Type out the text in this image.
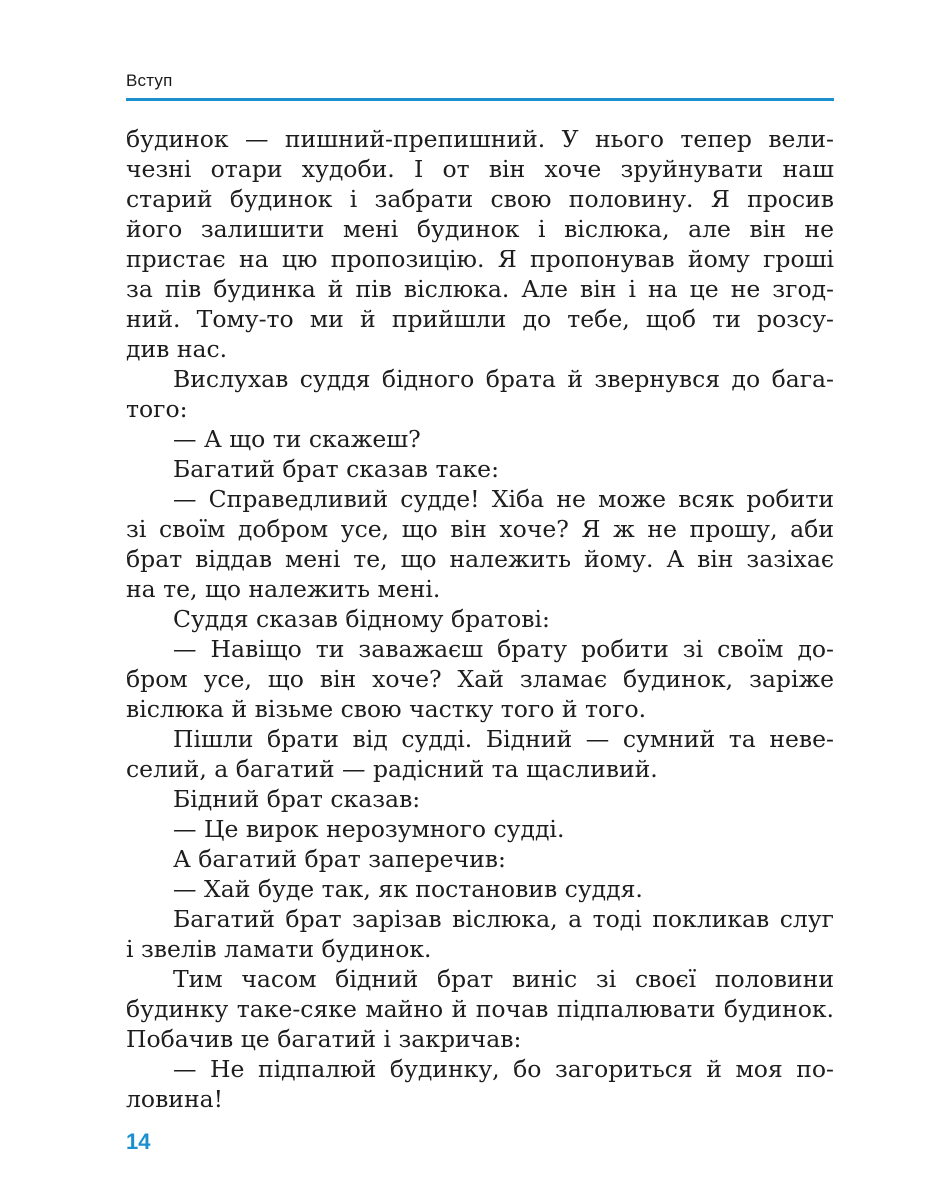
Вступ
будинок — пишний-препишний. У нього тепер вели-
чезні отари худоби. І от він хоче зруйнувати наш
старий будинок і забрати свою половину. Я просив
його залишити мені будинок і віслюка, але він не
пристає на цю пропозицію. Я пропонував йому гроші
за пів будинка й пів віслюка. Але він і на це не згод-
ний. Тому-то ми й прийшли до тебе, щоб ти розсу-
див нас.
Вислухав суддя бідного брата й звернувся до бага-
того:
— А що ти скажеш?
Багатий брат сказав таке:
— Справедливий судде! Хіба не може всяк робити
зі своїм добром усе, що він хоче? Я ж не прошу, аби
брат віддав мені те, що належить йому. А він зазіхає
на те, що належить мені.
Суддя сказав бідному братові:
— Навіщо ти заважаєш брату робити зі своїм до-
бром усе, що він хоче? Хай зламає будинок, заріже
віслюка й візьме свою частку того й того.
Пішли брати від судді. Бідний — сумний та неве-
селий, а багатий — радісний та щасливий.
Бідний брат сказав:
— Це вирок нерозумного судді.
А багатий брат заперечив:
— Хай буде так, як постановив суддя.
Багатий брат зарізав віслюка, а тоді покликав слуг
і звелів ламати будинок.
Тим часом бідний брат виніс зі своєї половини
будинку таке-сяке майно й почав підпалювати будинок.
Побачив це багатий і закричав:
— Не підпалюй будинку, бо загориться й моя по-
ловина!
14
